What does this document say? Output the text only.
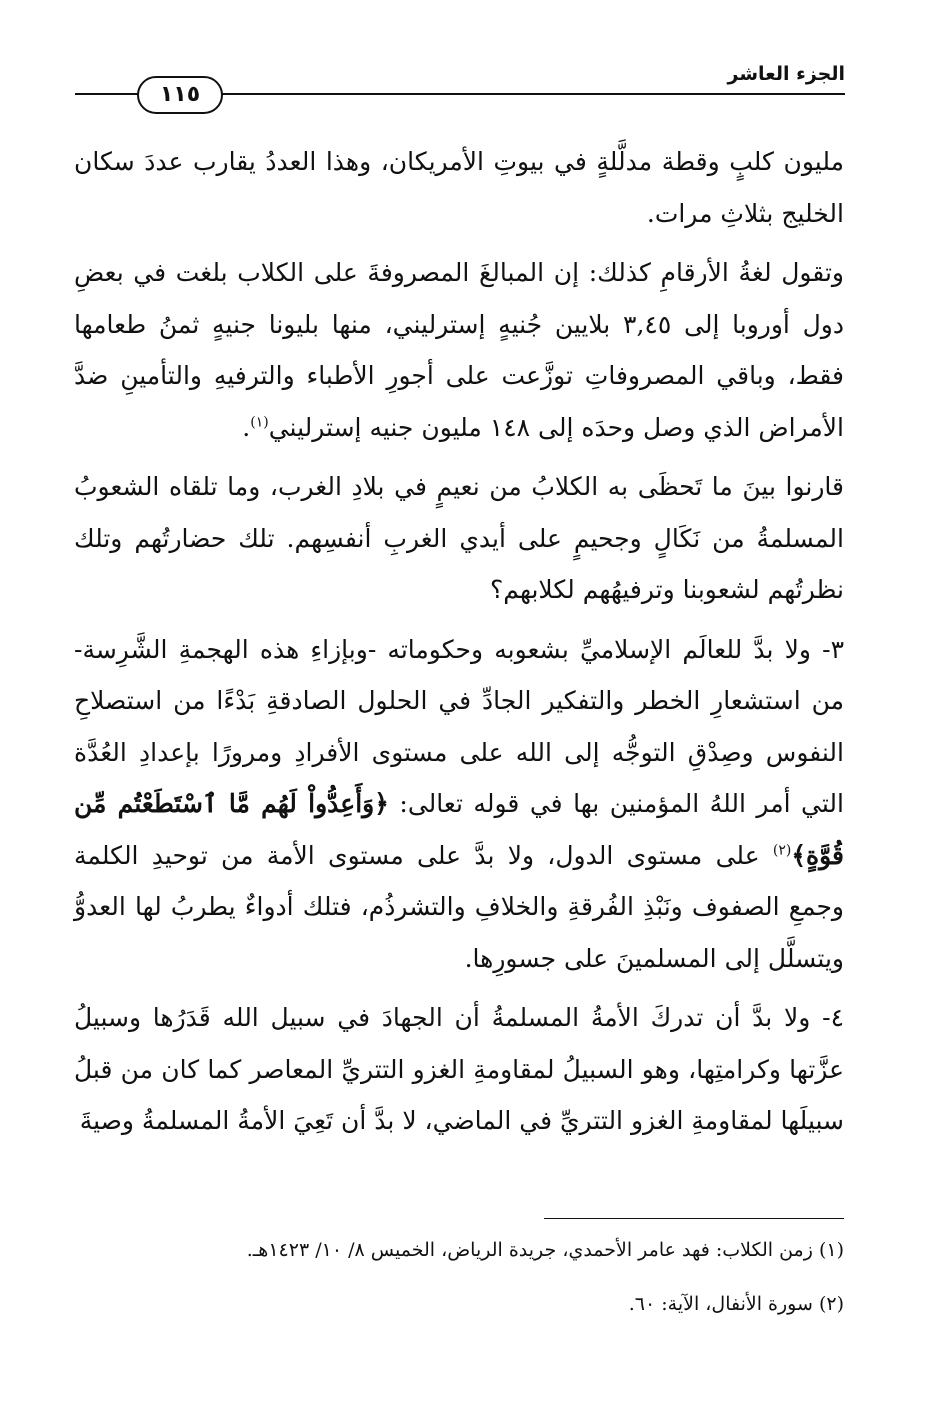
الجزء العاشر
١١٥

مليون كلبٍ وقطة مدلَّلةٍ في بيوتِ الأمريكان، وهذا العددُ يقارب عددَ سكان الخليج بثلاثِ مرات.

وتقول لغةُ الأرقامِ كذلك: إن المبالغَ المصروفةَ على الكلاب بلغت في بعضِ دول أوروبا إلى ٣,٤٥ بلايين جُنيهٍ إسترليني، منها بليونا جنيهٍ ثمنُ طعامها فقط، وباقي المصروفاتِ توزَّعت على أجورِ الأطباء والترفيهِ والتأمينِ ضدَّ الأمراض الذي وصل وحدَه إلى ١٤٨ مليون جنيه إسترليني$^{(١)}$.

قارنوا بينَ ما تَحظَى به الكلابُ من نعيمٍ في بلادِ الغرب، وما تلقاه الشعوبُ المسلمةُ من نَكَالٍ وجحيمٍ على أيدي الغربِ أنفسِهم. تلك حضارتُهم وتلك نظرتُهم لشعوبنا وترفيهُهم لكلابهم؟

٣- ولا بدَّ للعالَم الإسلاميِّ بشعوبه وحكوماته -وبإزاءِ هذه الهجمةِ الشَّرِسة- من استشعارِ الخطر والتفكير الجادِّ في الحلول الصادقةِ بَدْءًا من استصلاحِ النفوس وصِدْقِ التوجُّه إلى الله على مستوى الأفرادِ ومرورًا بإعدادِ العُدَّة التي أمر اللهُ المؤمنين بها في قوله تعالى: ﴿وَأَعِدُّواْ لَهُم مَّا ٱسْتَطَعْتُم مِّن قُوَّةٍ﴾$^{(٢)}$ على مستوى الدول، ولا بدَّ على مستوى الأمة من توحيدِ الكلمة وجمعِ الصفوف ونَبْذِ الفُرقةِ والخلافِ والتشرذُم، فتلك أدواءٌ يطربُ لها العدوُّ ويتسلَّل إلى المسلمينَ على جسورِها.

٤- ولا بدَّ أن تدركَ الأمةُ المسلمةُ أن الجهادَ في سبيل الله قَدَرُها وسبيلُ عزَّتها وكرامتِها، وهو السبيلُ لمقاومةِ الغزو التتريِّ المعاصر كما كان من قبلُ سبيلَها لمقاومةِ الغزو التتريِّ في الماضي، لا بدَّ أن تَعِيَ الأمةُ المسلمةُ وصيةَ

(١) زمن الكلاب: فهد عامر الأحمدي، جريدة الرياض، الخميس ٨/ ١٠/ ١٤٢٣هـ.
(٢) سورة الأنفال، الآية: ٦٠.
